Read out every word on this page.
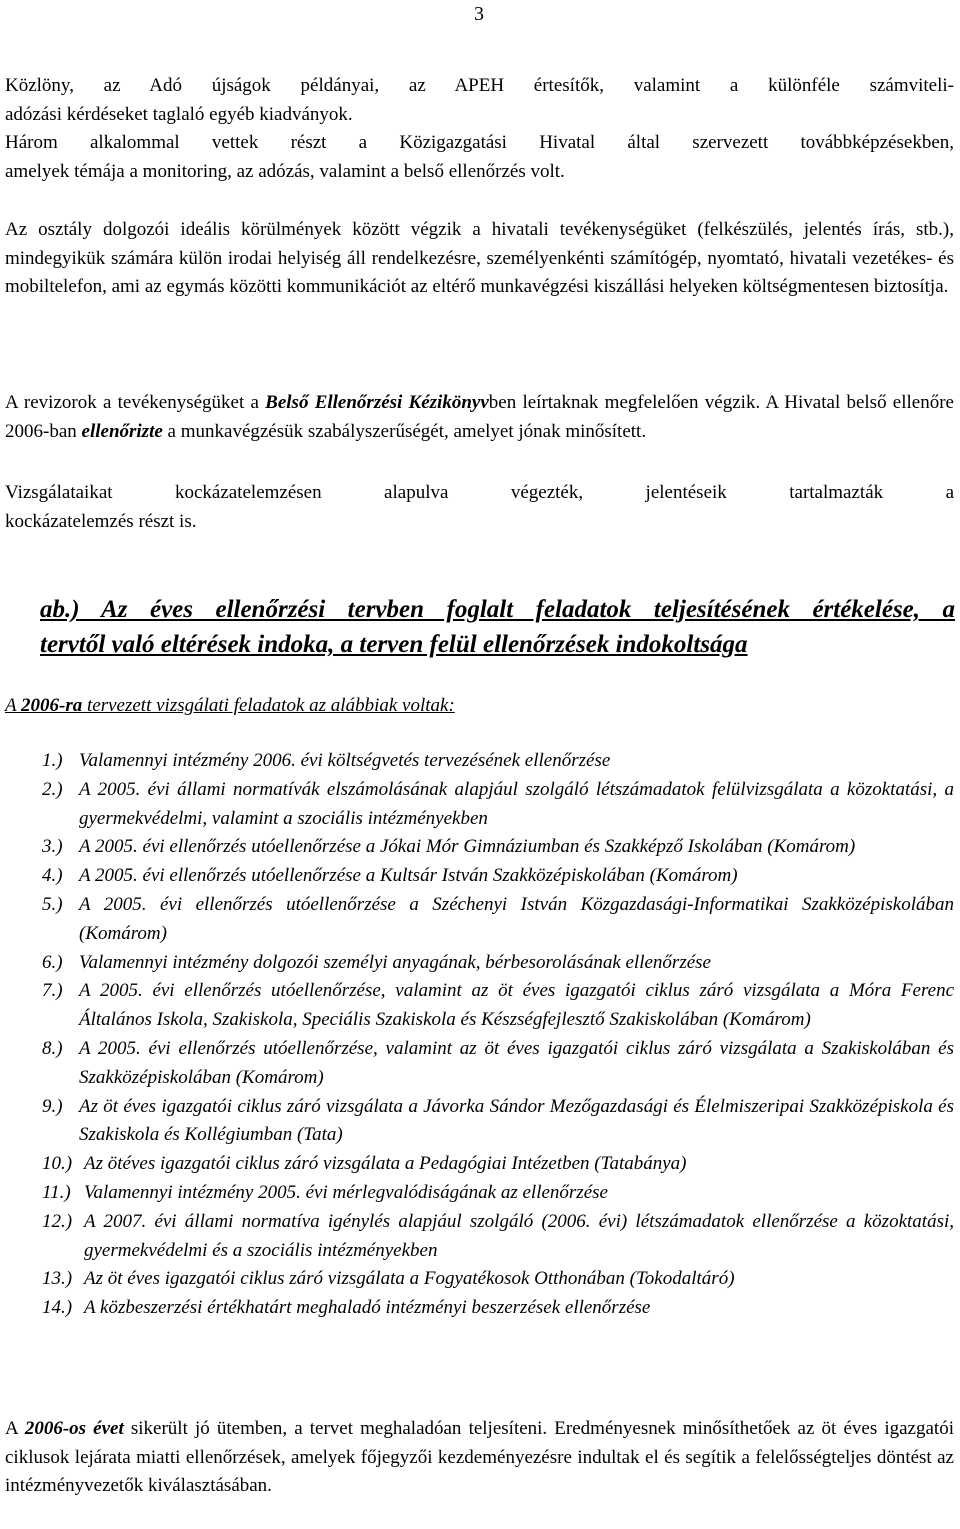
3
Közlöny, az Adó újságok példányai, az APEH értesítők, valamint a különféle számviteli-
adózási kérdéseket taglaló egyéb kiadványok.
Három alkalommal vettek részt a Közigazgatási Hivatal által szervezett továbbképzésekben,
amelyek témája a monitoring, az adózás, valamint a belső ellenőrzés volt.
Az osztály dolgozói ideális körülmények között végzik a hivatali tevékenységüket (felkészülés, jelentés írás, stb.), mindegyikük számára külön irodai helyiség áll rendelkezésre, személyenkénti számítógép, nyomtató, hivatali vezetékes- és mobiltelefon, ami az egymás közötti kommunikációt az eltérő munkavégzési kiszállási helyeken költségmentesen biztosítja.
A revizorok a tevékenységüket a Belső Ellenőrzési Kézikönyvben leírtaknak megfelelően végzik. A Hivatal belső ellenőre 2006-ban ellenőrizte a munkavégzésük szabályszerűségét, amelyet jónak minősített.
Vizsgálataikat kockázatelemzésen alapulva végezték, jelentéseik tartalmazták a
kockázatelemzés részt is.
ab.) Az éves ellenőrzési tervben foglalt feladatok teljesítésének értékelése, a
tervtől való eltérések indoka, a terven felül ellenőrzések indokoltsága
A 2006-ra tervezett vizsgálati feladatok az alábbiak voltak:
1.) Valamennyi intézmény 2006. évi költségvetés tervezésének ellenőrzése
2.) A 2005. évi állami normatívák elszámolásának alapjául szolgáló létszámadatok felülvizsgálata a közoktatási, a gyermekvédelmi, valamint a szociális intézményekben
3.) A 2005. évi ellenőrzés utóellenőrzése a Jókai Mór Gimnáziumban és Szakképző Iskolában (Komárom)
4.) A 2005. évi ellenőrzés utóellenőrzése a Kultsár István Szakközépiskolában (Komárom)
5.) A 2005. évi ellenőrzés utóellenőrzése a Széchenyi István Közgazdasági-Informatikai Szakközépiskolában (Komárom)
6.) Valamennyi intézmény dolgozói személyi anyagának, bérbesorolásának ellenőrzése
7.) A 2005. évi ellenőrzés utóellenőrzése, valamint az öt éves igazgatói ciklus záró vizsgálata a Móra Ferenc Általános Iskola, Szakiskola, Speciális Szakiskola és Készségfejlesztő Szakiskolában (Komárom)
8.) A 2005. évi ellenőrzés utóellenőrzése, valamint az öt éves igazgatói ciklus záró vizsgálata a Szakiskolában és Szakközépiskolában (Komárom)
9.) Az öt éves igazgatói ciklus záró vizsgálata a Jávorka Sándor Mezőgazdasági és Élelmiszeripai Szakközépiskola és Szakiskola és Kollégiumban (Tata)
10.) Az ötéves igazgatói ciklus záró vizsgálata a Pedagógiai Intézetben (Tatabánya)
11.) Valamennyi intézmény 2005. évi mérlegvalódiságának az ellenőrzése
12.) A 2007. évi állami normatíva igénylés alapjául szolgáló (2006. évi) létszámadatok ellenőrzése a közoktatási, gyermekvédelmi és a szociális intézményekben
13.) Az öt éves igazgatói ciklus záró vizsgálata a Fogyatékosok Otthonában (Tokodaltáró)
14.) A közbeszerzési értékhatárt meghaladó intézményi beszerzések ellenőrzése
A 2006-os évet sikerült jó ütemben, a tervet meghaladóan teljesíteni. Eredményesnek minősíthetőek az öt éves igazgatói ciklusok lejárata miatti ellenőrzések, amelyek főjegyzői kezdeményezésre indultak el és segítik a felelősségteljes döntést az intézményvezetők kiválasztásában.
